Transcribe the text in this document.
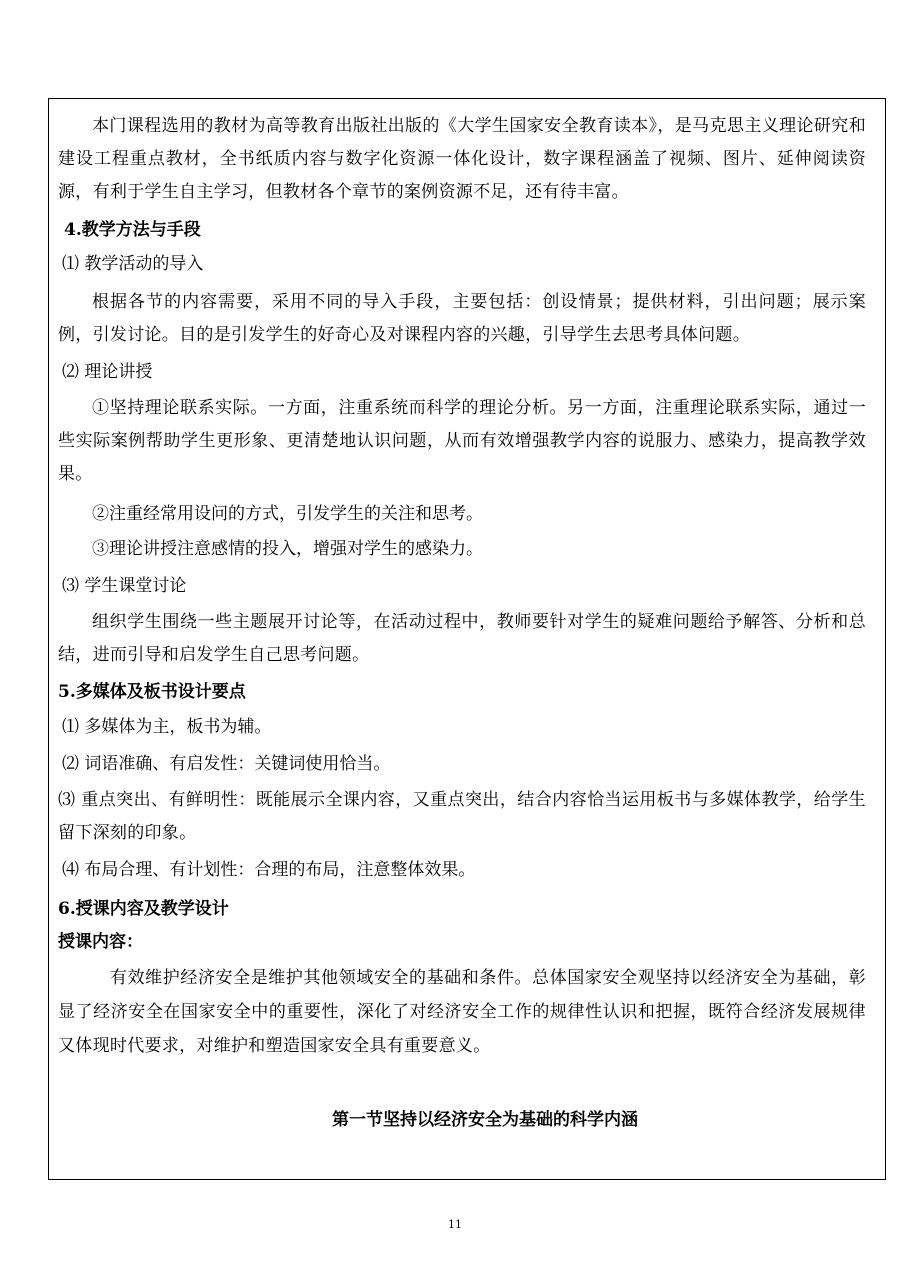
本门课程选用的教材为高等教育出版社出版的《大学生国家安全教育读本》，是马克思主义理论研究和建设工程重点教材，全书纸质内容与数字化资源一体化设计，数字课程涵盖了视频、图片、延伸阅读资源，有利于学生自主学习，但教材各个章节的案例资源不足，还有待丰富。
4.教学方法与手段
⑴ 教学活动的导入
根据各节的内容需要，采用不同的导入手段，主要包括：创设情景；提供材料，引出问题；展示案例，引发讨论。目的是引发学生的好奇心及对课程内容的兴趣，引导学生去思考具体问题。
⑵ 理论讲授
①坚持理论联系实际。一方面，注重系统而科学的理论分析。另一方面，注重理论联系实际，通过一些实际案例帮助学生更形象、更清楚地认识问题，从而有效增强教学内容的说服力、感染力，提高教学效果。
②注重经常用设问的方式，引发学生的关注和思考。
③理论讲授注意感情的投入，增强对学生的感染力。
⑶ 学生课堂讨论
组织学生围绕一些主题展开讨论等，在活动过程中，教师要针对学生的疑难问题给予解答、分析和总结，进而引导和启发学生自己思考问题。
5.多媒体及板书设计要点
⑴ 多媒体为主，板书为辅。
⑵ 词语准确、有启发性：关键词使用恰当。
⑶ 重点突出、有鲜明性：既能展示全课内容，又重点突出，结合内容恰当运用板书与多媒体教学，给学生留下深刻的印象。
⑷ 布局合理、有计划性：合理的布局，注意整体效果。
6.授课内容及教学设计
授课内容：
有效维护经济安全是维护其他领域安全的基础和条件。总体国家安全观坚持以经济安全为基础，彰显了经济安全在国家安全中的重要性，深化了对经济安全工作的规律性认识和把握，既符合经济发展规律又体现时代要求，对维护和塑造国家安全具有重要意义。
第一节坚持以经济安全为基础的科学内涵
11
